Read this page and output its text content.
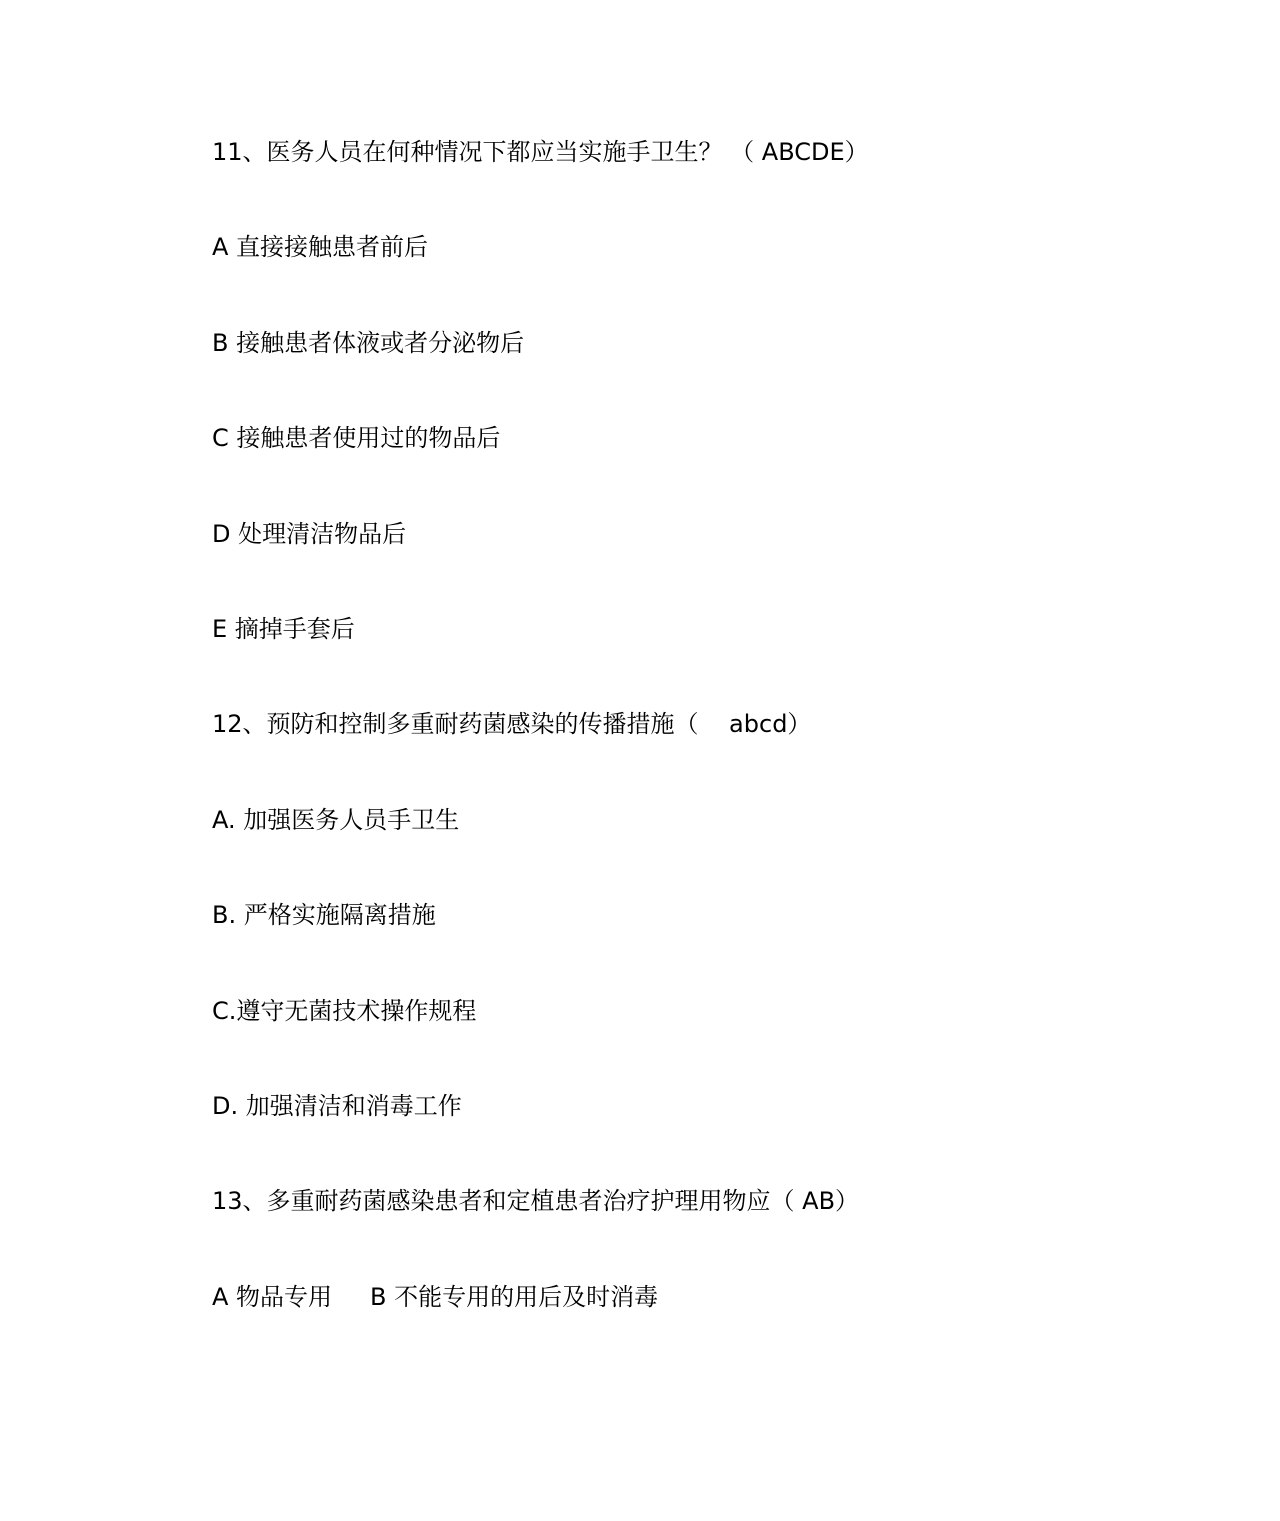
11、医务人员在何种情况下都应当实施手卫生？ （ ABCDE）
A 直接接触患者前后
B 接触患者体液或者分泌物后
C 接触患者使用过的物品后
D 处理清洁物品后
E 摘掉手套后
12、预防和控制多重耐药菌感染的传播措施（    abcd）
A. 加强医务人员手卫生
B. 严格实施隔离措施
C.遵守无菌技术操作规程
D. 加强清洁和消毒工作
13、多重耐药菌感染患者和定植患者治疗护理用物应（ AB）
A 物品专用 B 不能专用的用后及时消毒
